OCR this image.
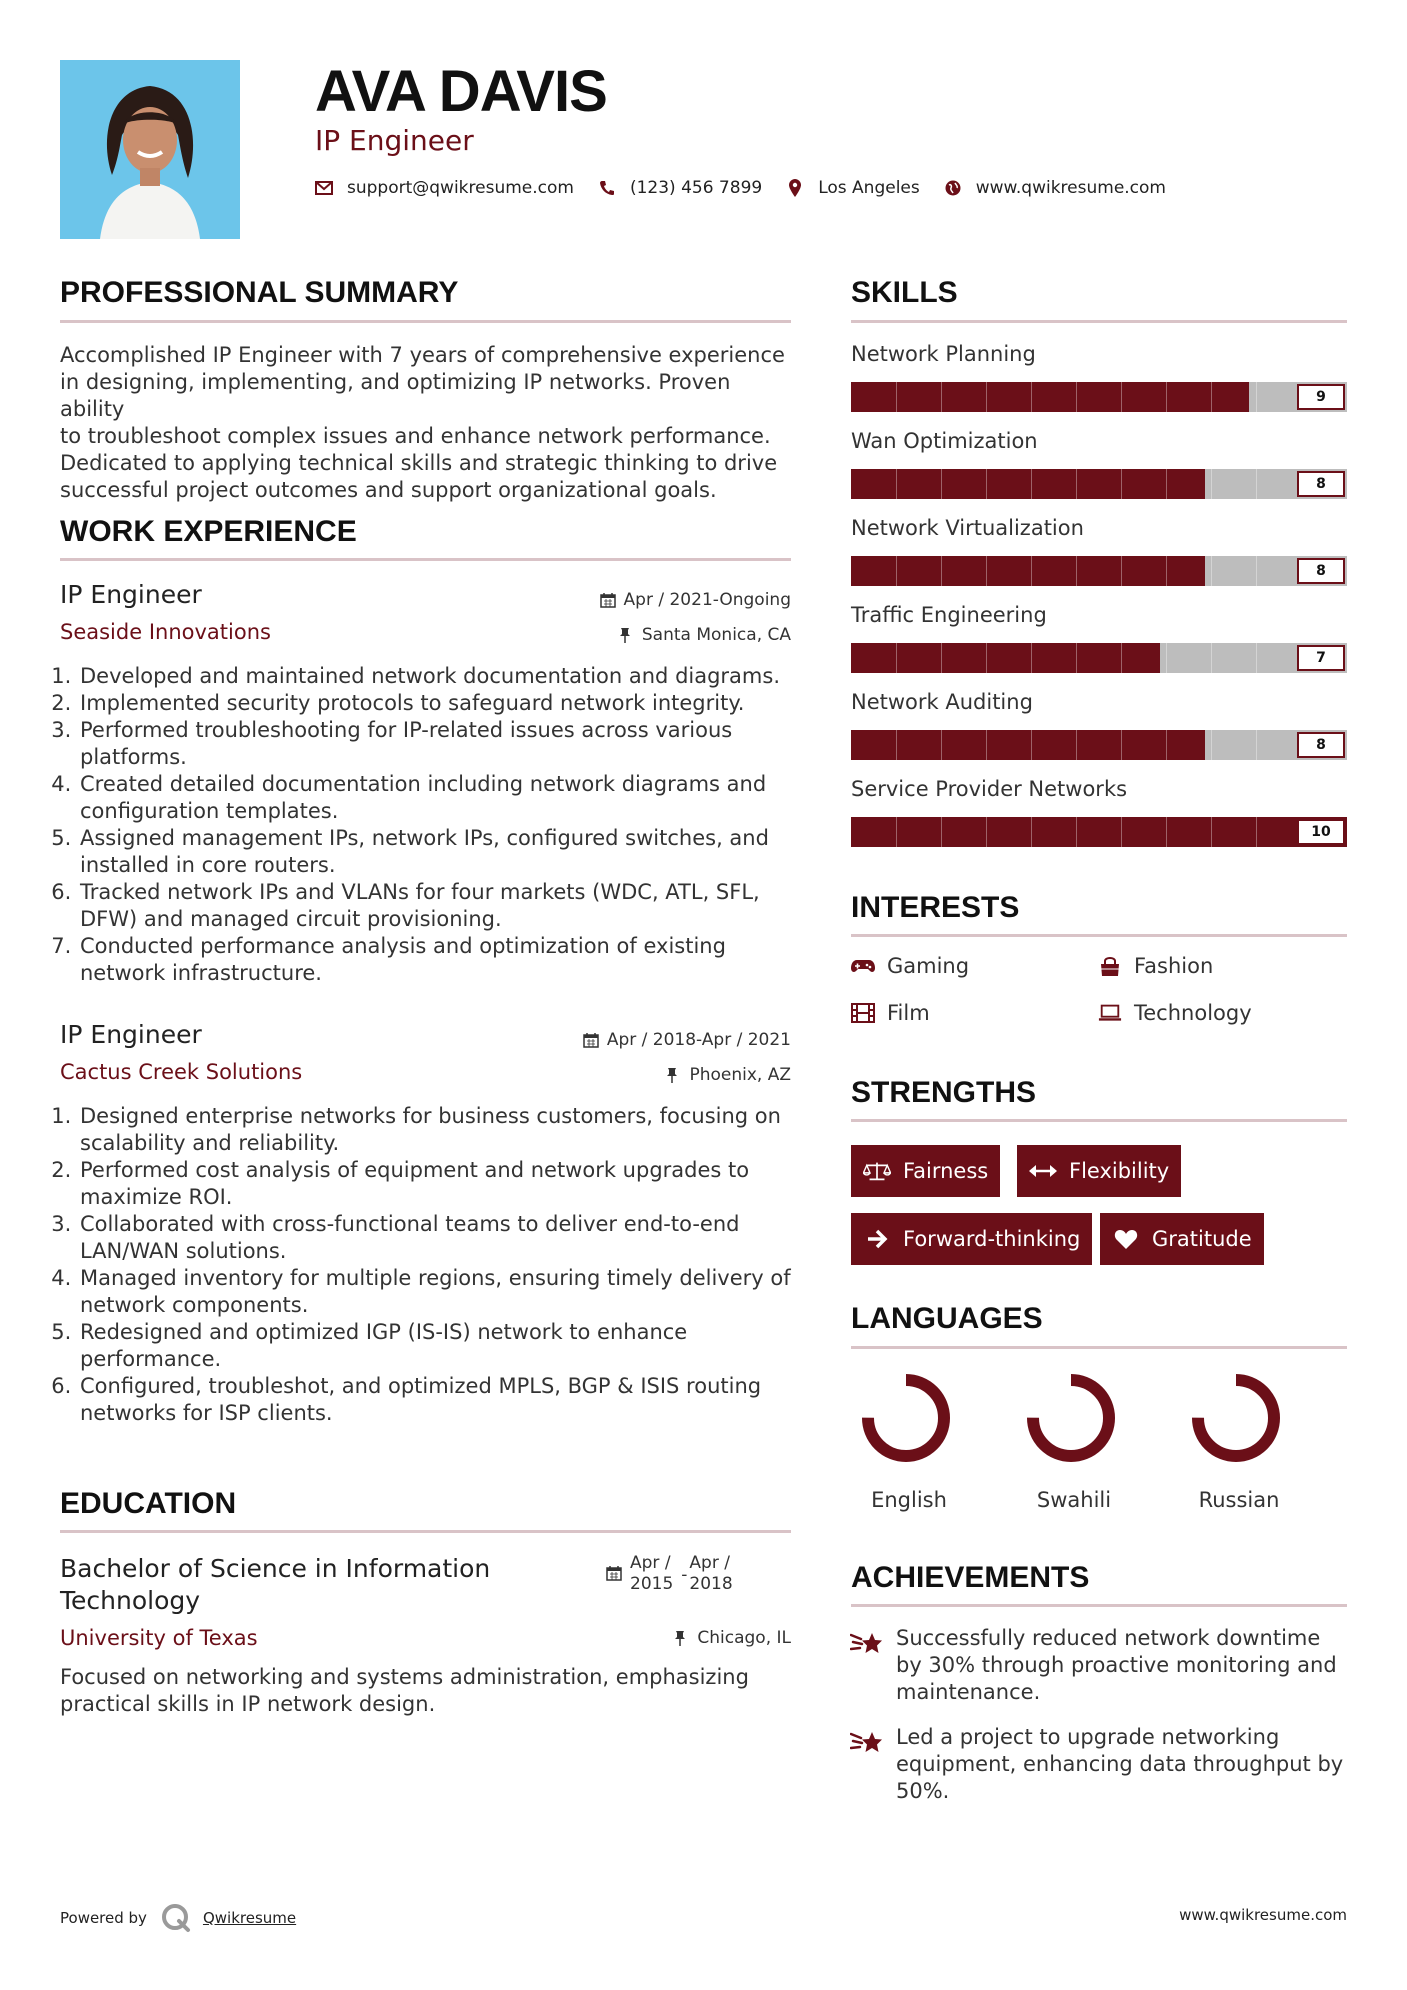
AVA DAVIS
IP Engineer
support@qwikresume.com	(123) 456 7899	Los Angeles	www.qwikresume.com
PROFESSIONAL SUMMARY
Accomplished IP Engineer with 7 years of comprehensive experience
in designing, implementing, and optimizing IP networks. Proven ability
to troubleshoot complex issues and enhance network performance.
Dedicated to applying technical skills and strategic thinking to drive
successful project outcomes and support organizational goals.
WORK EXPERIENCE
IP Engineer
Seaside Innovations
Apr / 2021-Ongoing
Santa Monica, CA
1. Developed and maintained network documentation and diagrams.
2. Implemented security protocols to safeguard network integrity.
3. Performed troubleshooting for IP-related issues across various platforms.
4. Created detailed documentation including network diagrams and configuration templates.
5. Assigned management IPs, network IPs, configured switches, and installed in core routers.
6. Tracked network IPs and VLANs for four markets (WDC, ATL, SFL, DFW) and managed circuit provisioning.
7. Conducted performance analysis and optimization of existing network infrastructure.
IP Engineer
Cactus Creek Solutions
Apr / 2018-Apr / 2021
Phoenix, AZ
1. Designed enterprise networks for business customers, focusing on scalability and reliability.
2. Performed cost analysis of equipment and network upgrades to maximize ROI.
3. Collaborated with cross-functional teams to deliver end-to-end LAN/WAN solutions.
4. Managed inventory for multiple regions, ensuring timely delivery of network components.
5. Redesigned and optimized IGP (IS-IS) network to enhance performance.
6. Configured, troubleshot, and optimized MPLS, BGP & ISIS routing networks for ISP clients.
EDUCATION
Bachelor of Science in Information
Technology
University of Texas
Apr /
2015 -
Apr /
2018
Chicago, IL
Focused on networking and systems administration, emphasizing
practical skills in IP network design.
SKILLS
Network Planning
9
Wan Optimization
8
Network Virtualization
8
Traffic Engineering
7
Network Auditing
8
Service Provider Networks
10
INTERESTS
Gaming	Fashion
Film	Technology
STRENGTHS
Fairness	Flexibility
Forward-thinking	Gratitude
LANGUAGES
English	Swahili	Russian
ACHIEVEMENTS
Successfully reduced network downtime
by 30% through proactive monitoring and
maintenance.
Led a project to upgrade networking
equipment, enhancing data throughput by
50%.
Powered by	Qwikresume	www.qwikresume.com
